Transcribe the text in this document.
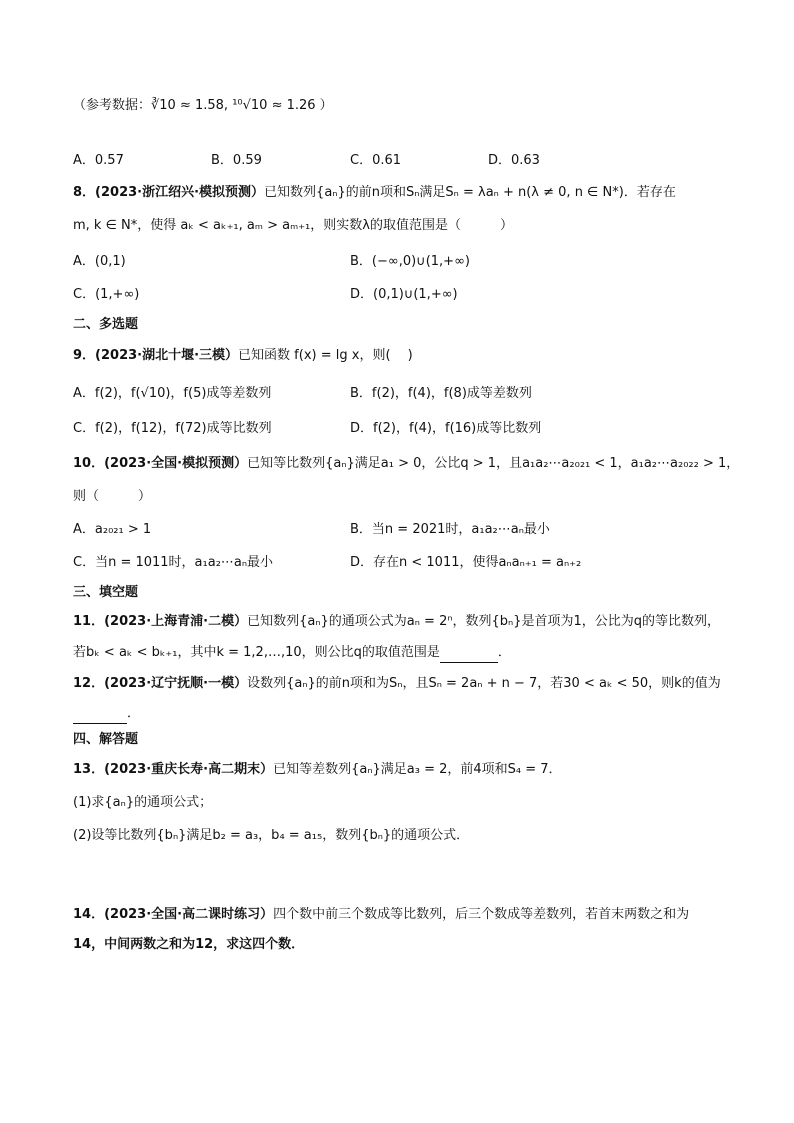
（参考数据：∛10 ≈ 1.58, ¹⁰√10 ≈ 1.26 ）
A．0.57	B．0.59	C．0.61	D．0.63
8．(2023·浙江绍兴·模拟预测）已知数列{aₙ}的前n项和Sₙ满足Sₙ = λaₙ + n(λ ≠ 0, n ∈ N*)．若存在
m, k ∈ N*，使得 aₖ < aₖ₊₁, aₘ > aₘ₊₁，则实数λ的取值范围是（　　　）
A．(0,1)	B．(−∞,0)∪(1,+∞)
C．(1,+∞)	D．(0,1)∪(1,+∞)
二、多选题
9．(2023·湖北十堰·三模）已知函数 f(x) = lg x，则(　 )
A．f(2)，f(√10)，f(5)成等差数列	B．f(2)，f(4)，f(8)成等差数列
C．f(2)，f(12)，f(72)成等比数列	D．f(2)，f(4)，f(16)成等比数列
10．(2023·全国·模拟预测）已知等比数列{aₙ}满足a₁ > 0，公比q > 1，且a₁a₂⋯a₂₀₂₁ < 1，a₁a₂⋯a₂₀₂₂ > 1，
则（　　　）
A．a₂₀₂₁ > 1	B．当n = 2021时，a₁a₂⋯aₙ最小
C．当n = 1011时，a₁a₂⋯aₙ最小	D．存在n < 1011，使得aₙaₙ₊₁ = aₙ₊₂
三、填空题
11．(2023·上海青浦·二模）已知数列{aₙ}的通项公式为aₙ = 2ⁿ，数列{bₙ}是首项为1，公比为q的等比数列，
若bₖ < aₖ < bₖ₊₁，其中k = 1,2,…,10，则公比q的取值范围是	．
12．(2023·辽宁抚顺·一模）设数列{aₙ}的前n项和为Sₙ，且Sₙ = 2aₙ + n − 7，若30 < aₖ < 50，则k的值为
．
四、解答题
13．(2023·重庆长寿·高二期末）已知等差数列{aₙ}满足a₃ = 2，前4项和S₄ = 7．
(1)求{aₙ}的通项公式；
(2)设等比数列{bₙ}满足b₂ = a₃，b₄ = a₁₅，数列{bₙ}的通项公式．
14．(2023·全国·高二课时练习）四个数中前三个数成等比数列，后三个数成等差数列，若首末两数之和为
14，中间两数之和为12，求这四个数．
